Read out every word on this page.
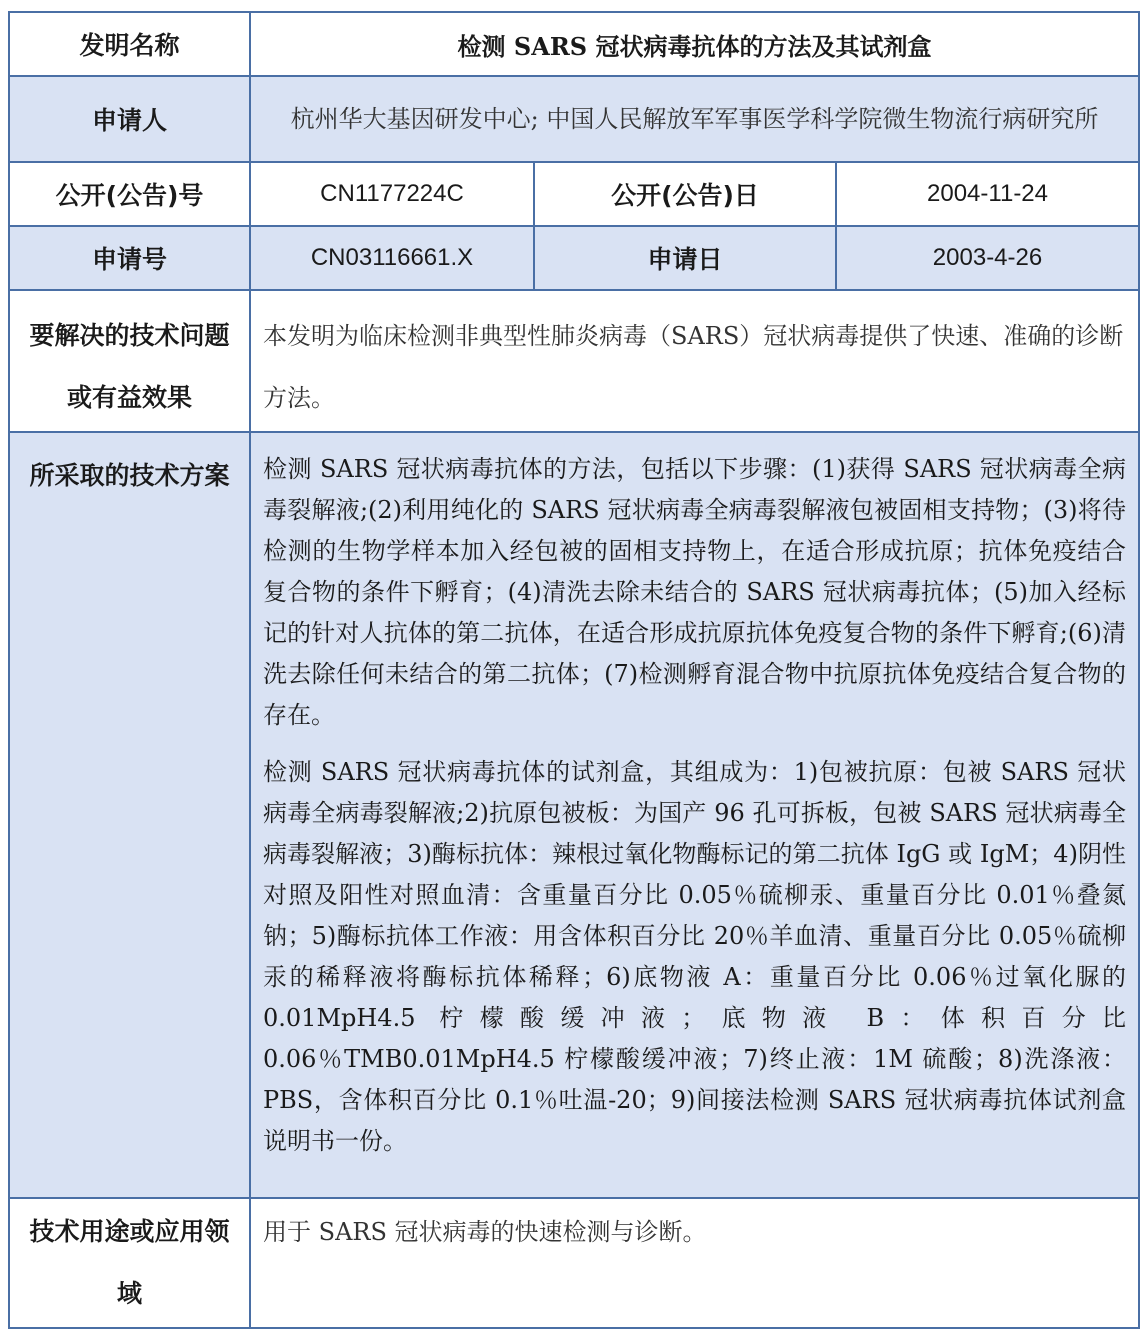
发明名称	检测 SARS 冠状病毒抗体的方法及其试剂盒		
申请人	杭州华大基因研发中心; 中国人民解放军军事医学科学院微生物流行病研究所		
公开(公告)号	CN1177224C	公开(公告)日	2004-11-24
申请号	CN03116661.X	申请日	2003-4-26
要解决的技术问题或有益效果	本发明为临床检测非典型性肺炎病毒（SARS）冠状病毒提供了快速、准确的诊断方法。		
所采取的技术方案	检测 SARS 冠状病毒抗体的方法，包括以下步骤：(1)获得 SARS 冠状病毒全病毒裂解液;(2)利用纯化的 SARS 冠状病毒全病毒裂解液包被固相支持物；(3)将待检测的生物学样本加入经包被的固相支持物上，在适合形成抗原；抗体免疫结合复合物的条件下孵育；(4)清洗去除未结合的 SARS 冠状病毒抗体；(5)加入经标记的针对人抗体的第二抗体，在适合形成抗原抗体免疫复合物的条件下孵育;(6)清洗去除任何未结合的第二抗体；(7)检测孵育混合物中抗原抗体免疫结合复合物的存在。

检测 SARS 冠状病毒抗体的试剂盒，其组成为：1)包被抗原：包被 SARS 冠状病毒全病毒裂解液;2)抗原包被板：为国产 96 孔可拆板，包被 SARS 冠状病毒全病毒裂解液；3)酶标抗体：辣根过氧化物酶标记的第二抗体 IgG 或 IgM；4)阴性对照及阳性对照血清：含重量百分比 0.05％硫柳汞、重量百分比 0.01％叠氮钠；5)酶标抗体工作液：用含体积百分比 20％羊血清、重量百分比 0.05％硫柳汞的稀释液将酶标抗体稀释；6)底物液 A：重量百分比 0.06％过氧化脲的 0.01MpH4.5 柠檬酸缓冲液；底物液 B：体积百分比 0.06％TMB0.01MpH4.5 柠檬酸缓冲液；7)终止液：1M 硫酸；8)洗涤液：PBS，含体积百分比 0.1％吐温-20；9)间接法检测 SARS 冠状病毒抗体试剂盒说明书一份。		

技术用途或应用领域	用于 SARS 冠状病毒的快速检测与诊断。		
